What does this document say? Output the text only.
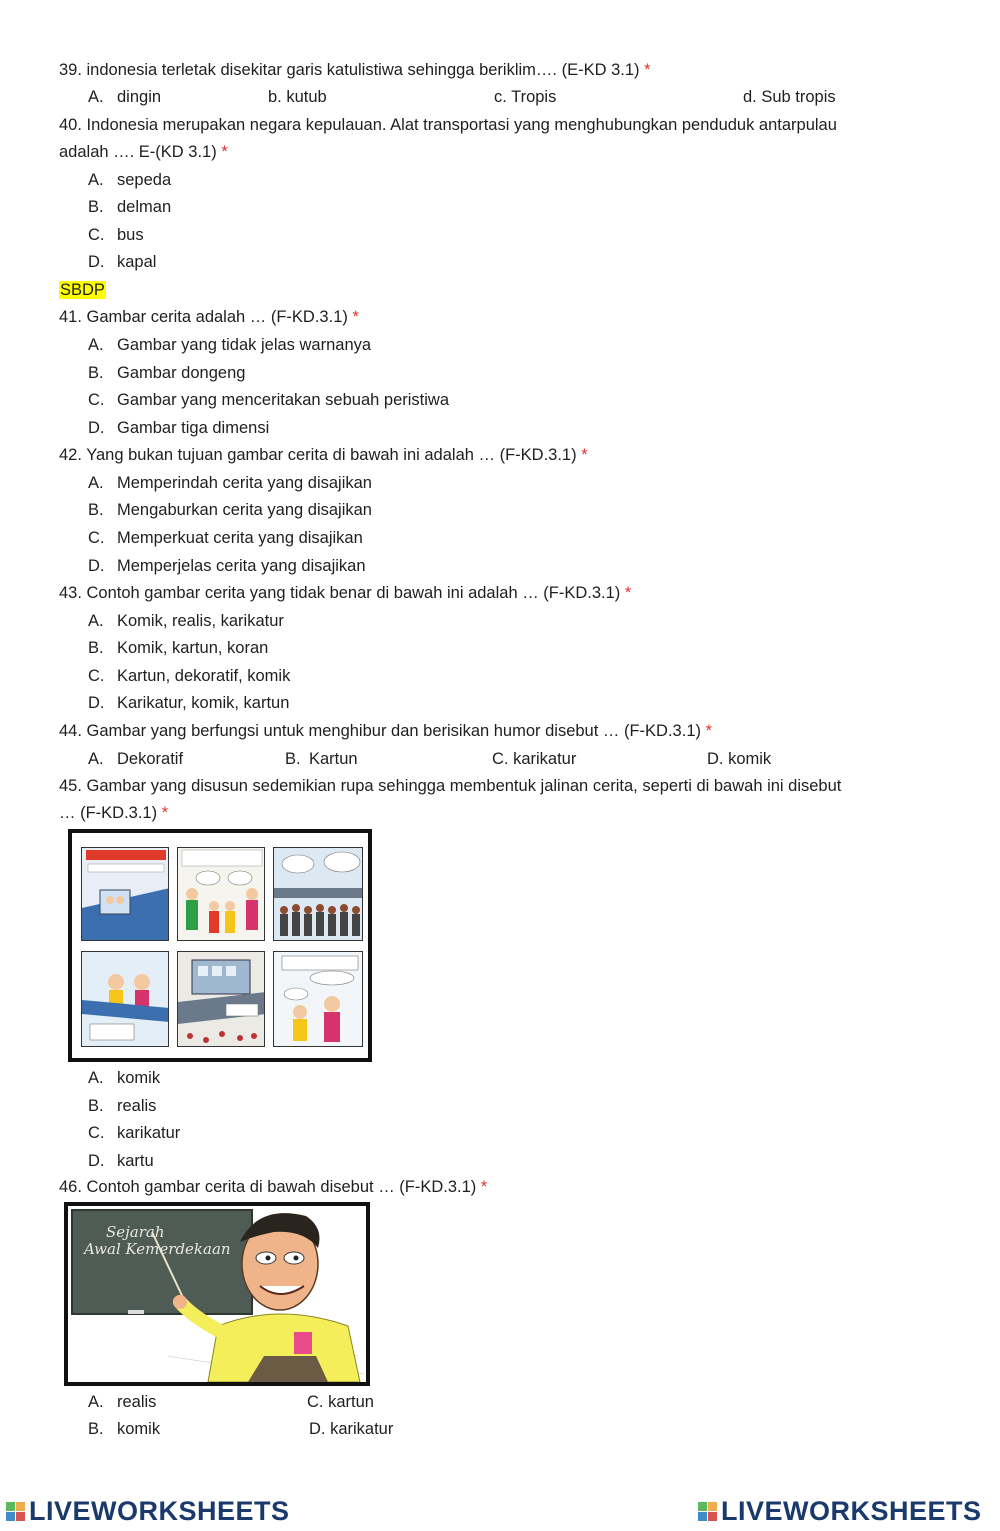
39. indonesia terletak disekitar garis katulistiwa sehingga beriklim…. (E-KD 3.1) *
A. dingin	b. kutub	c. Tropis	d. Sub tropis
40. Indonesia merupakan negara kepulauan. Alat transportasi yang menghubungkan penduduk antarpulau
adalah …. E-(KD 3.1) *
A. sepeda
B. delman
C. bus
D. kapal
SBDP
41. Gambar cerita adalah … (F-KD.3.1) *
A. Gambar yang tidak jelas warnanya
B. Gambar dongeng
C. Gambar yang menceritakan sebuah peristiwa
D. Gambar tiga dimensi
42. Yang bukan tujuan gambar cerita di bawah ini adalah … (F-KD.3.1) *
A. Memperindah cerita yang disajikan
B. Mengaburkan cerita yang disajikan
C. Memperkuat cerita yang disajikan
D. Memperjelas cerita yang disajikan
43. Contoh gambar cerita yang tidak benar di bawah ini adalah … (F-KD.3.1) *
A. Komik, realis, karikatur
B. Komik, kartun, koran
C. Kartun, dekoratif, komik
D. Karikatur, komik, kartun
44. Gambar yang berfungsi untuk menghibur dan berisikan humor disebut … (F-KD.3.1) *
A. Dekoratif	B. Kartun	C. karikatur	D. komik
45. Gambar yang disusun sedemikian rupa sehingga membentuk jalinan cerita, seperti di bawah ini disebut
… (F-KD.3.1) *
A. komik
B. realis
C. karikatur
D. kartu
46. Contoh gambar cerita di bawah disebut … (F-KD.3.1) *
Sejarah
Awal Kemerdekaan
A. realis	C. kartun
B. komik	D. karikatur
LIVEWORKSHEETS	LIVEWORKSHEETS
